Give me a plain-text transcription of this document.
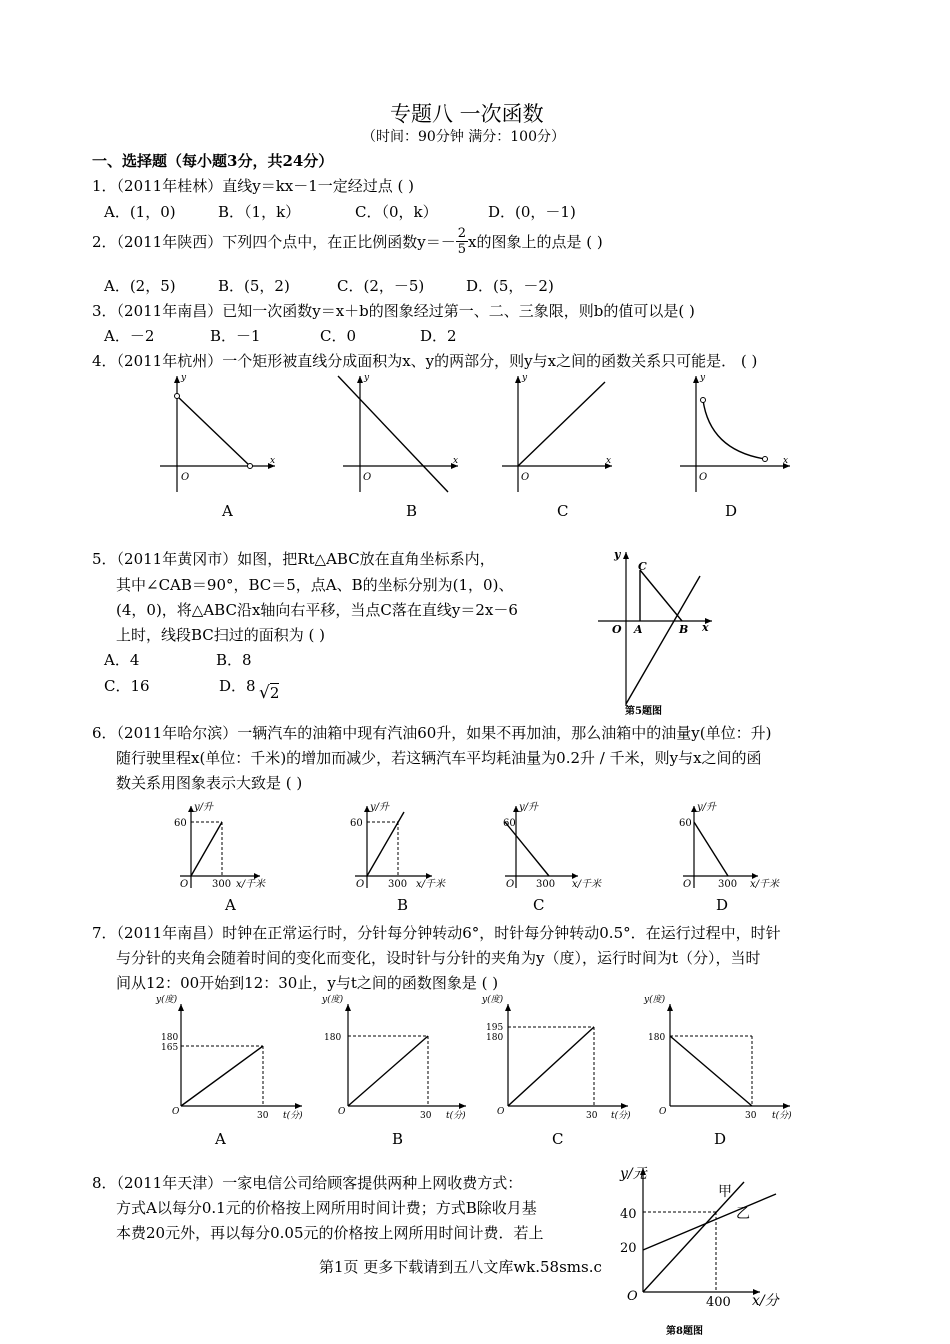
专题八 一次函数
（时间：90分钟 满分：100分）
一、选择题（每小题3分，共24分）
1．（2011年桂林）直线y＝kx－1一定经过点 ( )
A．(1，0)	B．（1，k）	C．（0，k）	D．(0，－1)
2．（2011年陕西）下列四个点中，在正比例函数$y=- \frac{2}{5}$ x的图象上的点是 ( )
A．(2，5)	B．(5，2)	C．(2，－5)	D．(5，－2)
3．（2011年南昌）已知一次函数y＝x＋b的图象经过第一、二、三象限，则b的值可以是( )
A．－2	B．－1	C．0	D．2
4．（2011年杭州）一个矩形被直线分成面积为x、y的两部分，则y与x之间的函数关系只可能是． ( )
x
y
O
x
y
O
x
y
O
x
y
O
A	B	C	D
5．（2011年黄冈市）如图，把Rt△ABC放在直角坐标系内，
其中∠CAB＝90°，BC＝5，点A、B的坐标分别为(1，0)、
(4，0)，将△ABC沿x轴向右平移，当点C落在直线y＝2x－6
上时，线段BC扫过的面积为 ( )
A．4	B．8
C．16	D．8 √2
y
C
O A	B x
第5题图
6．（2011年哈尔滨）一辆汽车的油箱中现有汽油60升，如果不再加油，那么油箱中的油量y(单位：升)
随行驶里程x(单位：千米)的增加而减少，若这辆汽车平均耗油量为0.2升 / 千米，则y与x之间的函
数关系用图象表示大致是 ( )
y/升
60
O 300 x/千米
y/升
60
O 300 x/千米
y/升
60
O 300 x/千米
y/升
60
O	300 x/千米
A	B	C	D
7．（2011年南昌）时钟在正常运行时，分针每分钟转动6°，时针每分钟转动0.5°．在运行过程中，时针
与分针的夹角会随着时间的变化而变化，设时针与分针的夹角为y（度），运行时间为t（分），当时
间从12：00开始到12：30止，y与t之间的函数图象是 ( )
y(度)
180
165
O	30 t(分)
y(度)
180
O	30 t(分)
y(度)
195
180
O	30 t(分)
y(度)
180
O	30 t(分)
A	B	C	D
8．（2011年天津）一家电信公司给顾客提供两种上网收费方式：
方式A以每分0.1元的价格按上网所用时间计费；方式B除收月基
本费20元外，再以每分0.05元的价格按上网所用时间计费．若上
y/元
40
20
O	400 x/分
甲
乙
第8题图
第1页 更多下载请到五八文库wk.58sms.c
